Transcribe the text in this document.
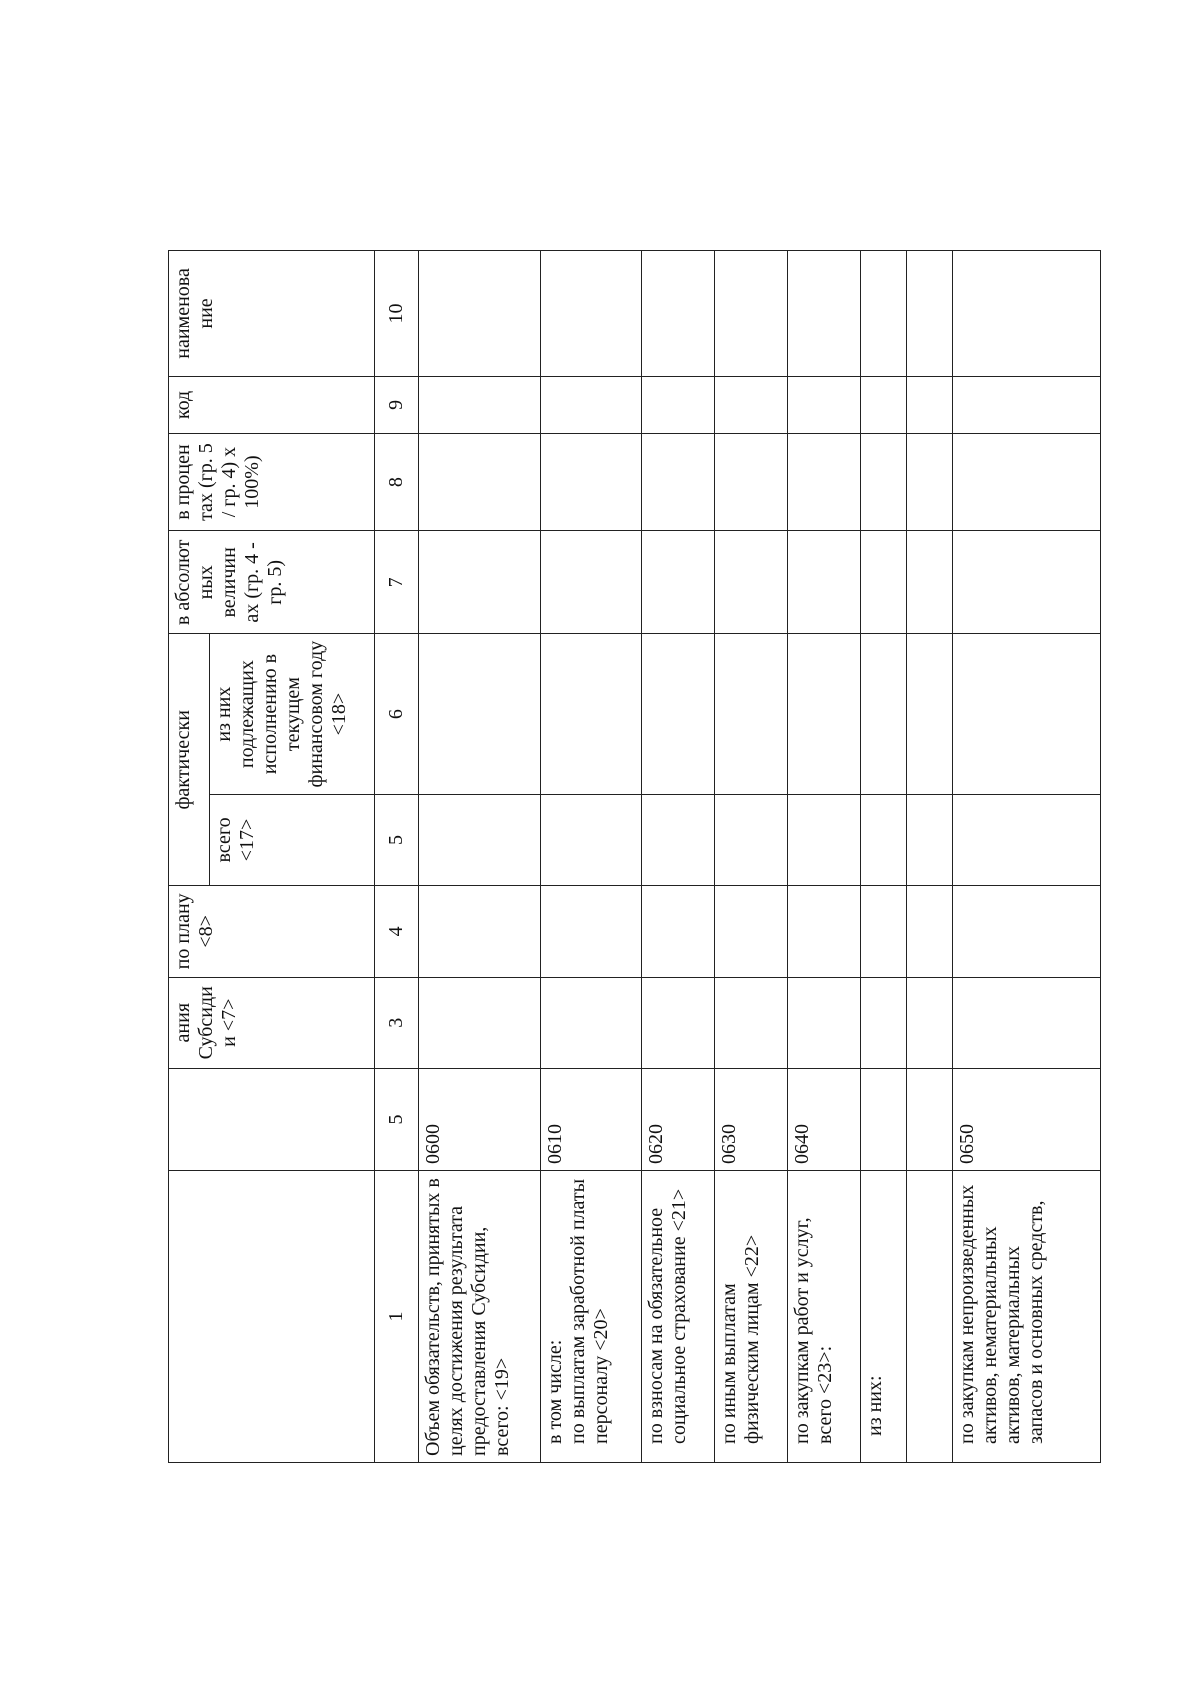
		ания Субсиди и <7>	по плану <8>	фактически		в абсолют ных величин ах (гр. 4 - гр. 5)	в процен тах (гр. 5 / гр. 4) х 100%)	код	наименова ние
				всего <17>	из них подлежащих исполнению в текущем финансовом году <18>				
1	5	3	4	5	6	7	8	9	10
Объем обязательств, принятых в целях достижения результата предоставления Субсидии, всего: <19>	0600								

в том числе: по выплатам заработной платы персоналу <20>	0610								
по взносам на обязательное социальное страхование <21>	0620								
по иным выплатам физическим лицам <22>	0630								
по закупкам работ и услуг, всего <23>:	0640								
из них:									

по закупкам непроизведенных активов, нематериальных активов, материальных запасов и основных средств,	0650								
